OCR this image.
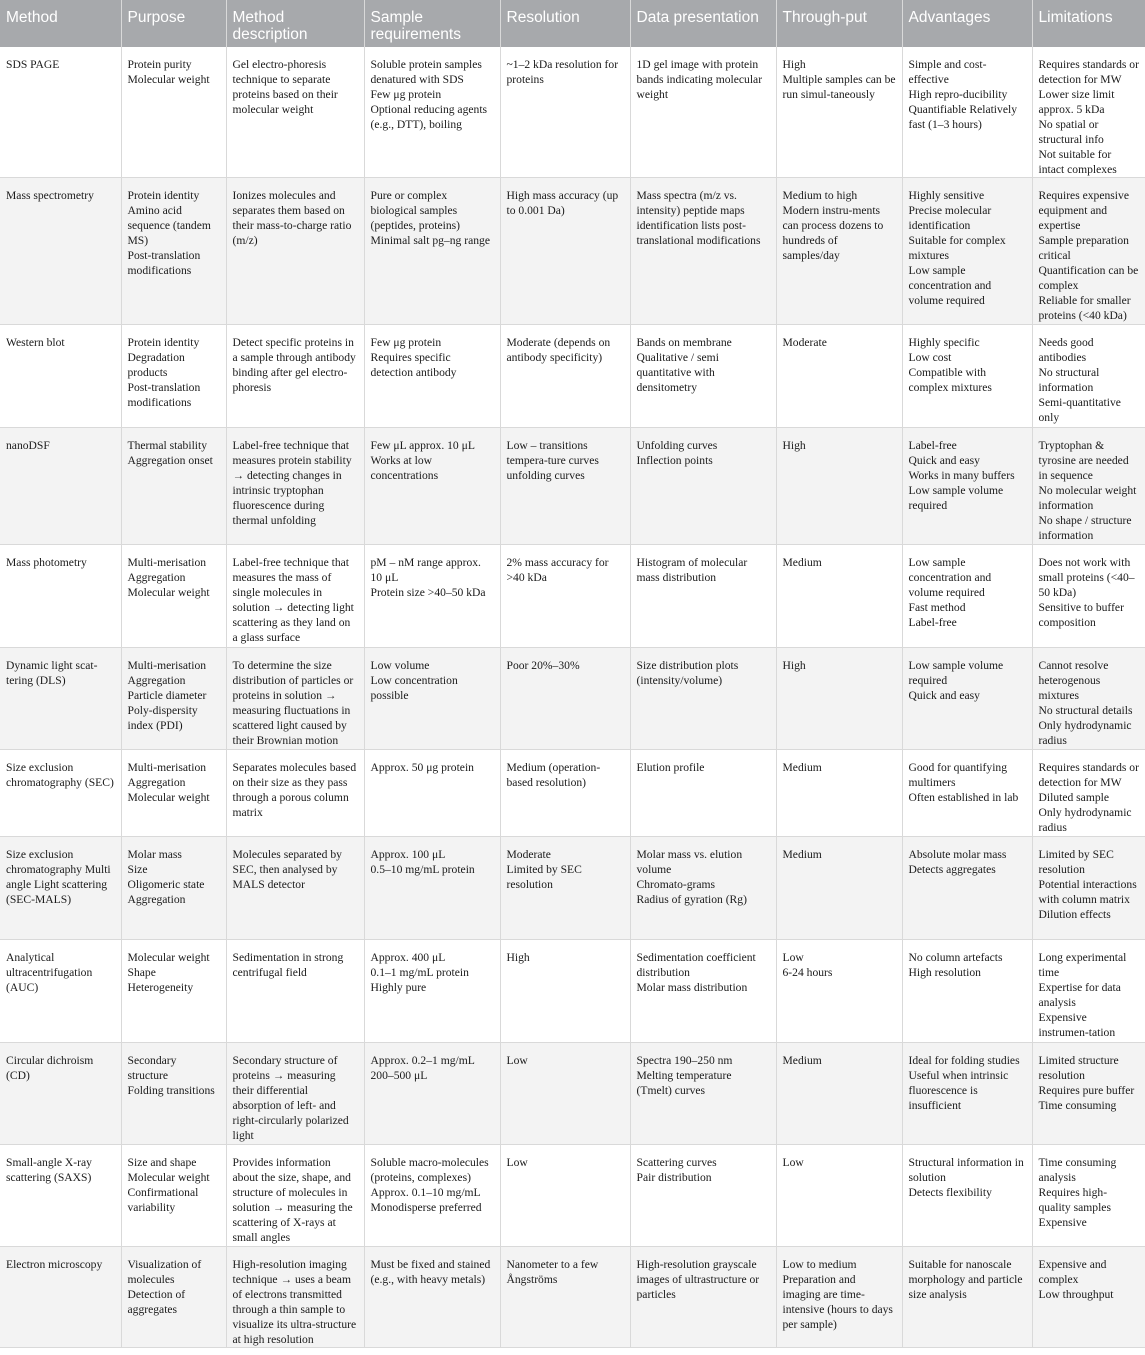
Method	Purpose	Method description	Sample requirements	Resolution	Data presentation	Through-put	Advantages	Limitations

SDS PAGE	Protein purity
Molecular weight	Gel electro-phoresis technique to separate proteins based on their molecular weight	Soluble protein samples denatured with SDS
Few μg protein
Optional reducing agents (e.g., DTT), boiling	~1–2 kDa resolution for proteins	1D gel image with protein bands indicating molecular weight	High
Multiple samples can be run simul-taneously	Simple and cost-effective
High repro-ducibility
Quantifiable Relatively fast (1–3 hours)	Requires standards or detection for MW
Lower size limit approx. 5 kDa
No spatial or structural info
Not suitable for intact complexes

Mass spectrometry	Protein identity
Amino acid sequence (tandem MS)
Post-translation modifications	Ionizes molecules and separates them based on their mass-to-charge ratio (m/z)	Pure or complex biological samples (peptides, proteins)
Minimal salt pg–ng range	High mass accuracy (up to 0.001 Da)	Mass spectra (m/z vs. intensity) peptide maps identification lists post-translational modifications	Medium to high
Modern instru-ments can process dozens to hundreds of samples/day	Highly sensitive
Precise molecular identification
Suitable for complex mixtures
Low sample concentration and volume required	Requires expensive equipment and expertise
Sample preparation critical
Quantification can be complex
Reliable for smaller proteins (<40 kDa)

Western blot	Protein identity
Degradation products
Post-translation modifications	Detect specific proteins in a sample through antibody binding after gel electro-phoresis	Few μg protein
Requires specific detection antibody	Moderate (depends on antibody specificity)	Bands on membrane
Qualitative / semi quantitative with densitometry	Moderate	Highly specific
Low cost
Compatible with complex mixtures	Needs good antibodies
No structural information
Semi-quantitative only

nanoDSF	Thermal stability
Aggregation onset	Label-free technique that measures protein stability → detecting changes in intrinsic tryptophan fluorescence during thermal unfolding	Few μL approx. 10 μL
Works at low concentrations	Low – transitions tempera-ture curves unfolding curves	Unfolding curves
Inflection points	High	Label-free
Quick and easy
Works in many buffers
Low sample volume required	Tryptophan & tyrosine are needed in sequence
No molecular weight information
No shape / structure information

Mass photometry	Multi-merisation
Aggregation
Molecular weight	Label-free technique that measures the mass of single molecules in solution → detecting light scattering as they land on a glass surface	pM – nM range approx. 10 μL
Protein size >40–50 kDa	2% mass accuracy for >40 kDa	Histogram of molecular mass distribution	Medium	Low sample concentration and volume required
Fast method
Label-free	Does not work with small proteins (<40–50 kDa)
Sensitive to buffer composition

Dynamic light scat-tering (DLS)	Multi-merisation
Aggregation
Particle diameter
Poly-dispersity index (PDI)	To determine the size distribution of particles or proteins in solution → measuring fluctuations in scattered light caused by their Brownian motion	Low volume
Low concentration possible	Poor 20%–30%	Size distribution plots (intensity/volume)	High	Low sample volume required
Quick and easy	Cannot resolve heterogenous mixtures
No structural details
Only hydrodynamic radius

Size exclusion chromatography (SEC)	Multi-merisation
Aggregation
Molecular weight	Separates molecules based on their size as they pass through a porous column matrix	Approx. 50 μg protein	Medium (operation-based resolution)	Elution profile	Medium	Good for quantifying multimers
Often established in lab	Requires standards or detection for MW
Diluted sample
Only hydrodynamic radius

Size exclusion chromatography Multi angle Light scattering (SEC-MALS)	Molar mass
Size
Oligomeric state
Aggregation	Molecules separated by SEC, then analysed by MALS detector	Approx. 100 μL
0.5–10 mg/mL protein	Moderate
Limited by SEC resolution	Molar mass vs. elution volume
Chromato-grams
Radius of gyration (Rg)	Medium	Absolute molar mass
Detects aggregates	Limited by SEC resolution
Potential interactions with column matrix
Dilution effects

Analytical ultracentrifugation (AUC)	Molecular weight
Shape
Heterogeneity	Sedimentation in strong centrifugal field	Approx. 400 μL
0.1–1 mg/mL protein
Highly pure	High	Sedimentation coefficient distribution
Molar mass distribution	Low
6-24 hours	No column artefacts
High resolution	Long experimental time
Expertise for data analysis
Expensive instrumen-tation

Circular dichroism (CD)	Secondary structure
Folding transitions	Secondary structure of proteins → measuring their differential absorption of left- and right-circularly polarized light	Approx. 0.2–1 mg/mL
200–500 μL	Low	Spectra 190–250 nm
Melting temperature (Tmelt) curves	Medium	Ideal for folding studies
Useful when intrinsic fluorescence is insufficient	Limited structure resolution
Requires pure buffer
Time consuming

Small-angle X-ray scattering (SAXS)	Size and shape
Molecular weight
Confirmational variability	Provides information about the size, shape, and structure of molecules in solution → measuring the scattering of X-rays at small angles	Soluble macro-molecules (proteins, complexes)
Approx. 0.1–10 mg/mL
Monodisperse preferred	Low	Scattering curves
Pair distribution	Low	Structural information in solution
Detects flexibility	Time consuming analysis
Requires high-quality samples
Expensive

Electron microscopy	Visualization of molecules
Detection of aggregates	High-resolution imaging technique → uses a beam of electrons transmitted through a thin sample to visualize its ultra-structure at high resolution	Must be fixed and stained (e.g., with heavy metals)	Nanometer to a few Ångströms	High-resolution grayscale images of ultrastructure or particles	Low to medium
Preparation and imaging are time-intensive (hours to days per sample)	Suitable for nanoscale morphology and particle size analysis	Expensive and complex
Low throughput
